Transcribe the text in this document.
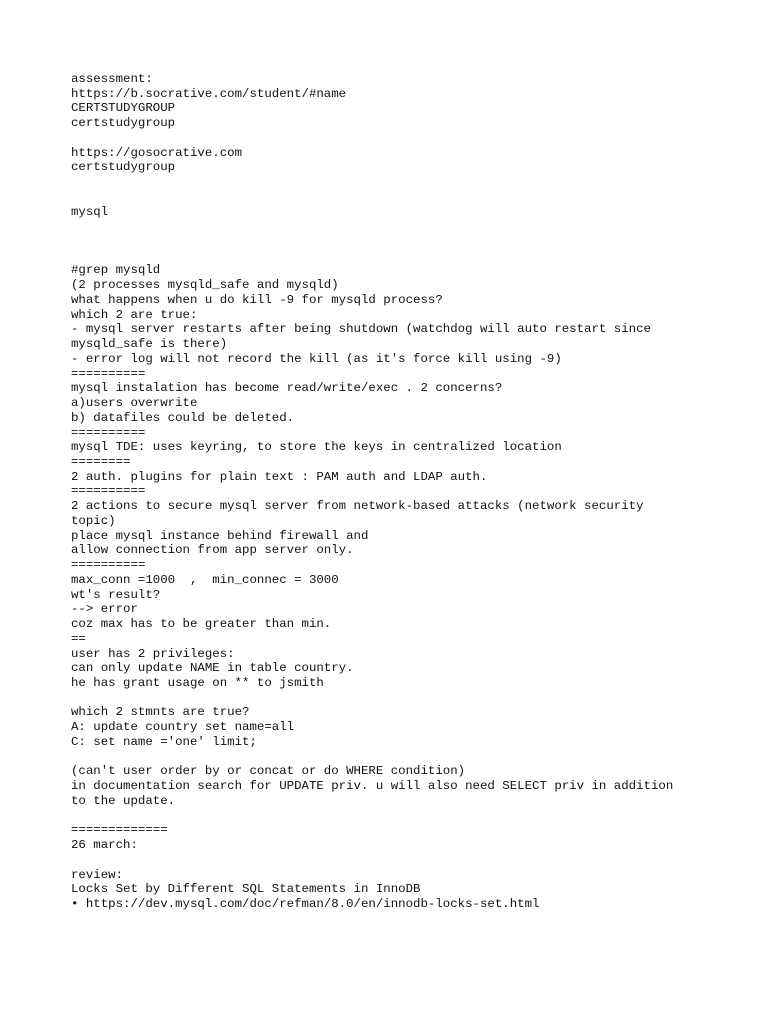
assessment:
https://b.socrative.com/student/#name
CERTSTUDYGROUP
certstudygroup
https://gosocrative.com
certstudygroup
mysql
#grep mysqld
(2 processes mysqld_safe and mysqld)
what happens when u do kill -9 for mysqld process?
which 2 are true:
- mysql server restarts after being shutdown (watchdog will auto restart since
mysqld_safe is there)
- error log will not record the kill (as it's force kill using -9)
==========
mysql instalation has become read/write/exec . 2 concerns?
a)users overwrite
b) datafiles could be deleted.
==========
mysql TDE: uses keyring, to store the keys in centralized location
========
2 auth. plugins for plain text : PAM auth and LDAP auth.
==========
2 actions to secure mysql server from network-based attacks (network security
topic)
place mysql instance behind firewall and
allow connection from app server only.
==========
max_conn =1000  ,  min_connec = 3000
wt's result?
--> error
coz max has to be greater than min.
==
user has 2 privileges:
can only update NAME in table country.
he has grant usage on ** to jsmith
which 2 stmnts are true?
A: update country set name=all
C: set name ='one' limit;
(can't user order by or concat or do WHERE condition)
in documentation search for UPDATE priv. u will also need SELECT priv in addition
to the update.
=============
26 march:
review:
Locks Set by Different SQL Statements in InnoDB
• https://dev.mysql.com/doc/refman/8.0/en/innodb-locks-set.html
